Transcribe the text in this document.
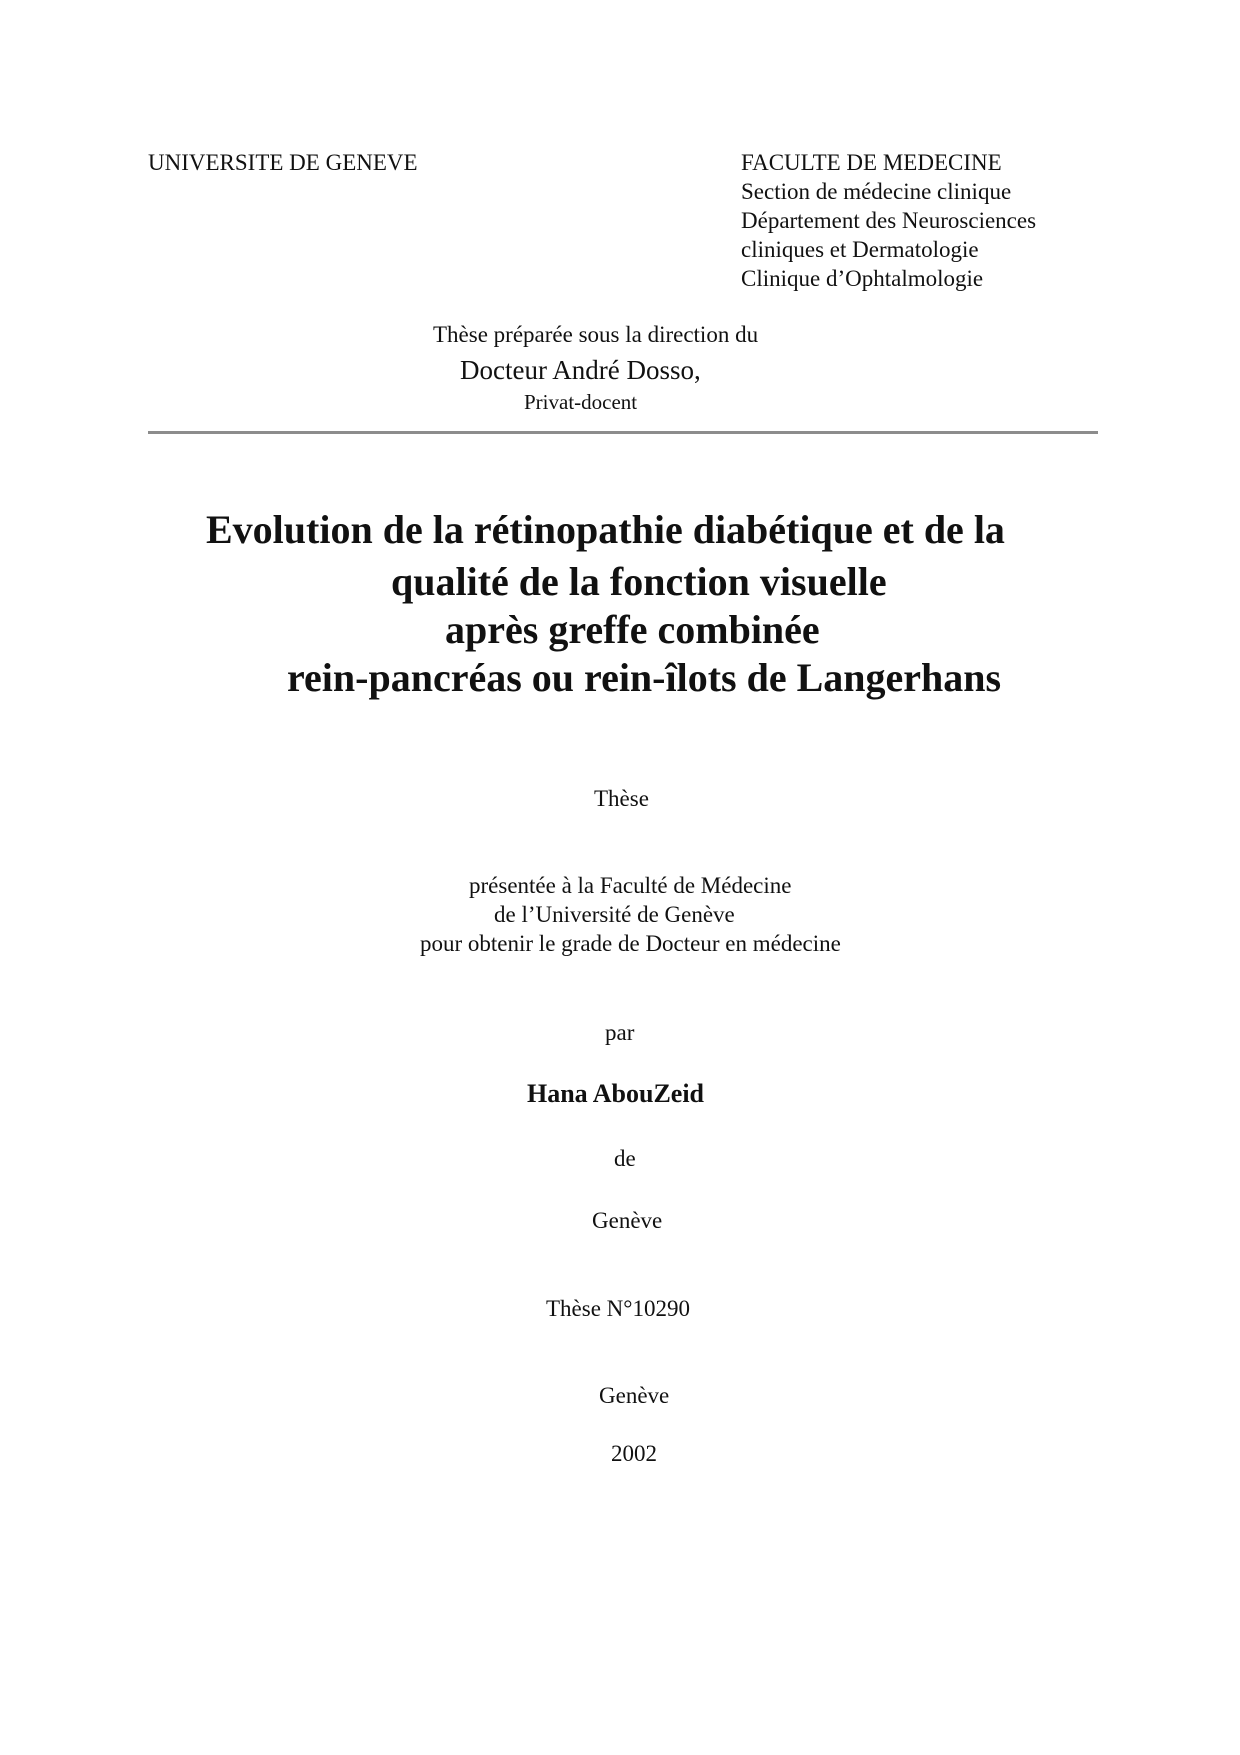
UNIVERSITE DE GENEVE	FACULTE DE MEDECINE
Section de médecine clinique
Département des Neurosciences
cliniques et Dermatologie
Clinique d’Ophtalmologie
Thèse préparée sous la direction du
Docteur André Dosso,
Privat-docent
Evolution de la rétinopathie diabétique et de la
qualité de la fonction visuelle
après greffe combinée
rein-pancréas ou rein-îlots de Langerhans
Thèse
présentée à la Faculté de Médecine
de l’Université de Genève
pour obtenir le grade de Docteur en médecine
par
Hana AbouZeid
de
Genève
Thèse N°10290
Genève
2002
